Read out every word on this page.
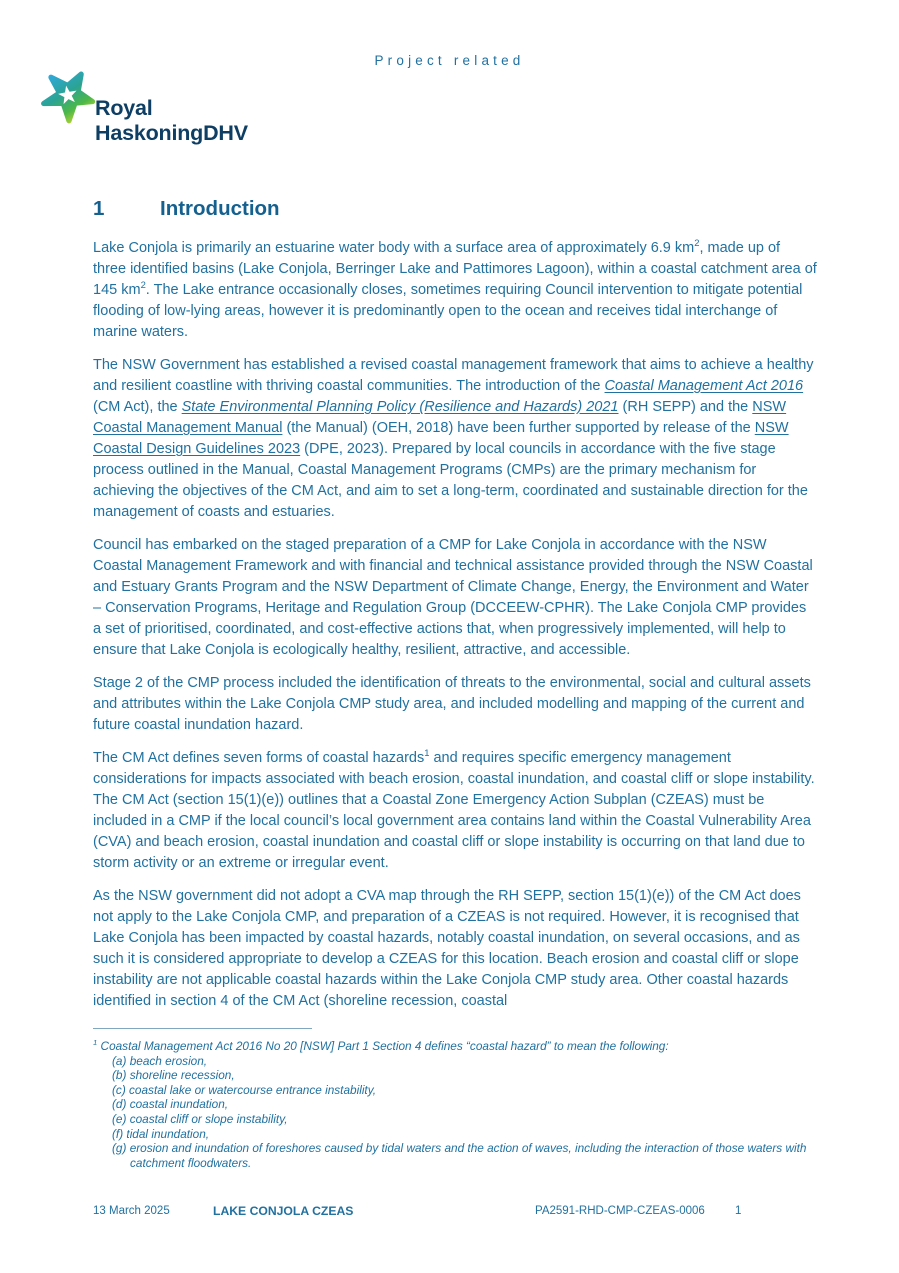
Project related
Royal
HaskoningDHV
1	Introduction

Lake Conjola is primarily an estuarine water body with a surface area of approximately 6.9 $km^2$, made up of three identified basins (Lake Conjola, Berringer Lake and Pattimores Lagoon), within a coastal catchment area of 145 $km^2$. The Lake entrance occasionally closes, sometimes requiring Council intervention to mitigate potential flooding of low-lying areas, however it is predominantly open to the ocean and receives tidal interchange of marine waters.

The NSW Government has established a revised coastal management framework that aims to achieve a healthy and resilient coastline with thriving coastal communities. The introduction of the Coastal Management Act 2016 (CM Act), the State Environmental Planning Policy (Resilience and Hazards) 2021 (RH SEPP) and the NSW Coastal Management Manual (the Manual) (OEH, 2018) have been further supported by release of the NSW Coastal Design Guidelines 2023 (DPE, 2023). Prepared by local councils in accordance with the five stage process outlined in the Manual, Coastal Management Programs (CMPs) are the primary mechanism for achieving the objectives of the CM Act, and aim to set a long-term, coordinated and sustainable direction for the management of coasts and estuaries.

Council has embarked on the staged preparation of a CMP for Lake Conjola in accordance with the NSW Coastal Management Framework and with financial and technical assistance provided through the NSW Coastal and Estuary Grants Program and the NSW Department of Climate Change, Energy, the Environment and Water – Conservation Programs, Heritage and Regulation Group (DCCEEW-CPHR). The Lake Conjola CMP provides a set of prioritised, coordinated, and cost-effective actions that, when progressively implemented, will help to ensure that Lake Conjola is ecologically healthy, resilient, attractive, and accessible.

Stage 2 of the CMP process included the identification of threats to the environmental, social and cultural assets and attributes within the Lake Conjola CMP study area, and included modelling and mapping of the current and future coastal inundation hazard.

The CM Act defines seven forms of coastal hazards$^1$ and requires specific emergency management considerations for impacts associated with beach erosion, coastal inundation, and coastal cliff or slope instability. The CM Act (section 15(1)(e)) outlines that a Coastal Zone Emergency Action Subplan (CZEAS) must be included in a CMP if the local council’s local government area contains land within the Coastal Vulnerability Area (CVA) and beach erosion, coastal inundation and coastal cliff or slope instability is occurring on that land due to storm activity or an extreme or irregular event.

As the NSW government did not adopt a CVA map through the RH SEPP, section 15(1)(e)) of the CM Act does not apply to the Lake Conjola CMP, and preparation of a CZEAS is not required. However, it is recognised that Lake Conjola has been impacted by coastal hazards, notably coastal inundation, on several occasions, and as such it is considered appropriate to develop a CZEAS for this location. Beach erosion and coastal cliff or slope instability are not applicable coastal hazards within the Lake Conjola CMP study area. Other coastal hazards identified in section 4 of the CM Act (shoreline recession, coastal

$^1$ Coastal Management Act 2016 No 20 [NSW] Part 1 Section 4 defines “coastal hazard” to mean the following:
(a) beach erosion,
(b) shoreline recession,
(c) coastal lake or watercourse entrance instability,
(d) coastal inundation,
(e) coastal cliff or slope instability,
(f) tidal inundation,
(g) erosion and inundation of foreshores caused by tidal waters and the action of waves, including the interaction of those waters with catchment floodwaters.
13 March 2025	LAKE CONJOLA CZEAS	PA2591-RHD-CMP-CZEAS-0006	1
